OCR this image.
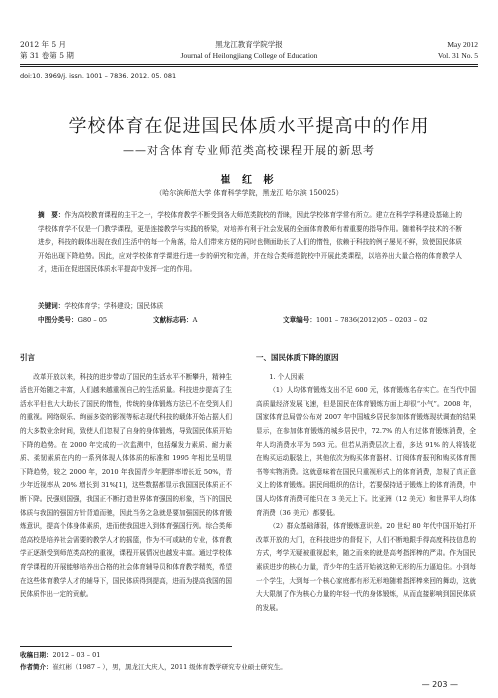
2012 年 5 月
第 31 卷第 5 期
黑龙江教育学院学报
Journal of Heilongjiang College of Education
May 2012
Vol. 31 No. 5
doi:10. 3969/j. issn. 1001 – 7836. 2012. 05. 081
学校体育在促进国民体质水平提高中的作用
——对含体育专业师范类高校课程开展的新思考
崔 红 彬
（哈尔滨师范大学 体育科学学院，黑龙江 哈尔滨 150025）
摘　要：作为高校教育课程的主干之一，学校体育教学不断受到各大师范类院校的青睐，因此学校体育学常有所立。建立在科学学科建设基础上的学校体育学不仅是一门教学课程，更是连接教学与实践的桥梁，对培养有利于社会发展的全面体育教师有着重要的指导作用。随着科学技术的不断进步，科技的载体出现在我们生活中的每一个角落，给人们带来方便的同时也侧面助长了人们的惰性，依赖于科技的例子屡见不鲜，致使国民体质开始出现下降趋势。因此，应对学校体育学课进行进一步的研究和完善，并在综合类师范院校中开展此类课程，以培养出大量合格的体育教学人才，进而在促进国民体质水平提高中发挥一定的作用。
关键词：学校体育学；学科建设；国民体质
中图分类号：G80 – 05	文献标志码：A	文章编号：1001 – 7836(2012)05 – 0203 – 02

引言

改革开放以来，科技的进步带动了国民的生活水平不断攀升，精神生活也开始随之丰富，人们越来越重视自己的生活质量。科技进步提高了生活水平但也大大助长了国民的惰性，传统的身体锻炼方法已不在受到人们的重视。网络娱乐、绚丽多姿的影视等标志现代科技的载体开始占据人们的大多数业余时间，致使人们忽视了自身的身体锻炼，导致国民体质开始下降的趋势。在 2000 年完成的一次监测中，包括爆发力素质、耐力素质、柔韧素质在内的一系列体现人体体质的标准和 1995 年相比呈明显下降趋势，较之 2000 年，2010 年我国青少年肥胖率增长近 50%，青少年近视率从 20% 增长到 31%[1]，这些数据都显示我国国民体质正不断下降。民强则国强，我国正不断打造世界体育强国的形象，当下的国民体质与我国的强国方针背道而驰，因此当务之急就是要加强国民的体育锻炼意识，提高个体身体素质，进而使我国进入到体育强国行列。综合类师范高校是培养社会需要的教学人才的摇篮，作为不可或缺的专业，体育教学正逐渐受到师范类高校的重视，课程开展情况也越发丰富。通过学校体育学课程的开展能够培养出合格的社会体育辅导员和体育教学精英，希望在这些体育教学人才的辅导下，国民体质得到提高，进而为提高我国的国民体质作出一定的贡献。

一、国民体质下降的原因

1. 个人因素

（1）人均体育锻炼支出不足 600 元，体育锻炼名存实亡。在当代中国高质量经济发展飞速，但是国民在体育锻炼方面上却很“小气”。2008 年，国家体育总局曾公布对 2007 年中国城乡居民参加体育锻炼现状调查的结果显示，在参加体育锻炼的城乡居民中，72.7% 的人有过体育锻炼消费，全年人均消费水平为 593 元。但若从消费层次上看，多达 91% 的人将钱花在购买运动服装上，其他依次为购买体育器材、订阅体育报刊和购买体育图书等实物消费。这就意味着在国民只重视形式上的体育消费，忽视了真正意义上的体育锻炼。据民间组织的估计，若要保持适于锻炼上的体育消费，中国人均体育消费可能只在 3 美元上下。比亚洲（12 美元）和世界平人均体育消费（36 美元）都要低。

（2）群众基础薄弱，体育锻炼意识差。20 世纪 80 年代中国开始打开改革开放的大门，在科技进步的督促下，人们不断地跟手得高度科技信息的方式，考学无疑被重视起来，随之而来的就是高考指挥棒的严肃。作为国民素质进步的核心力量，青少年的生活开始被这种无形的压力逼迫住。小到每一个学生，大到每一个核心家庭都有形无形地随着指挥棒来回的舞动，这就大大限制了作为核心力量的年轻一代的身体锻炼，从而直接影响到国民体质的发展。

收稿日期：2012 – 03 – 01
作者简介：崔红彬（1987 – ），男，黑龙江大庆人，2011 级体育教学研究专业硕士研究生。
— 203 —
